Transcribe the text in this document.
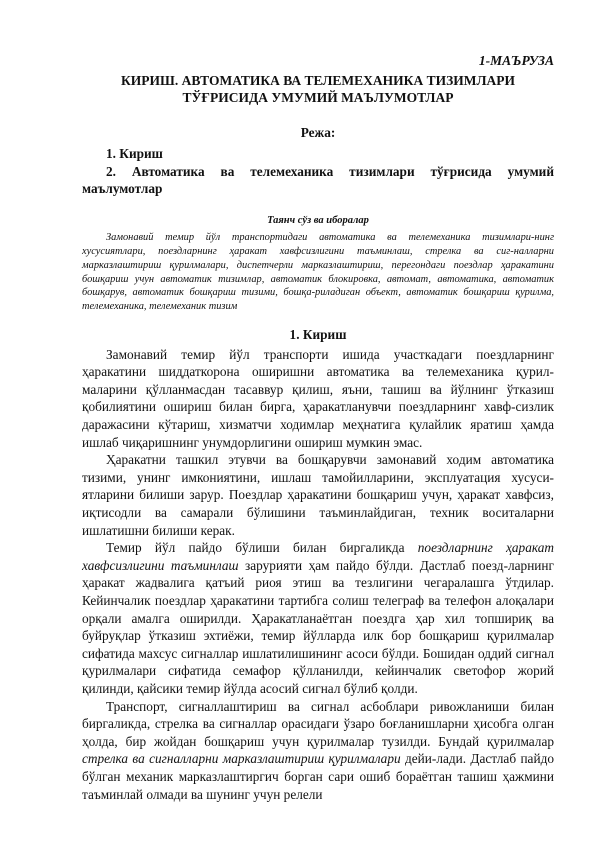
1-МАЪРУЗА

КИРИШ. АВТОМАТИКА ВА ТЕЛЕМЕХАНИКА ТИЗИМЛАРИ
ТЎҒРИСИДА УМУМИЙ МАЪЛУМОТЛАР

Режа:

1. Кириш

2. Автоматика ва телемеханика тизимлари тўғрисида умумий маълумотлар

Таянч сўз ва иборалар

Замонавий темир йўл транспортидаги автоматика ва телемеханика тизимлари-нинг хусусиятлари, поездларнинг ҳаракат хавфсизлигини таъминлаш, стрелка ва сиг-налларни марказлаштириш қурилмалари, диспетчерли марказлаштириш, перегондаги поездлар ҳаракатини бошқариш учун автоматик тизимлар, автоматик блокировка, автомат, автоматика, автоматик бошқарув, автоматик бошқариш тизими, бошқа-риладиган объект, автоматик бошқариш қурилма, телемеханика, телемеханик тизим

1. Кириш

Замонавий темир йўл транспорти ишида участкадаги поездларнинг ҳаракатини шиддаткорона оширишни автоматика ва телемеханика қурил-маларини қўлланмасдан тасаввур қилиш, яъни, ташиш ва йўлнинг ўтказиш қобилиятини ошириш билан бирга, ҳаракатланувчи поездларнинг хавф-сизлик даражасини кўтариш, хизматчи ходимлар меҳнатига қулайлик яратиш ҳамда ишлаб чиқаришнинг унумдорлигини ошириш мумкин эмас.

Ҳаракатни ташкил этувчи ва бошқарувчи замонавий ходим автоматика тизими, унинг имкониятини, ишлаш тамойилларини, эксплуатация хусуси-ятларини билиши зарур. Поездлар ҳаракатини бошқариш учун, ҳаракат хавфсиз, иқтисодли ва самарали бўлишини таъминлайдиган, техник воситаларни ишлатишни билиши керак.

Темир йўл пайдо бўлиши билан биргаликда поездларнинг ҳаракат хавфсизлигини таъминлаш зарурияти ҳам пайдо бўлди. Дастлаб поезд-ларнинг ҳаракат жадвалига қатъий риоя этиш ва тезлигини чегаралашга ўтдилар. Кейинчалик поездлар ҳаракатини тартибга солиш телеграф ва телефон алоқалари орқали амалга оширилди. Ҳаракатланаётган поездга ҳар хил топшириқ ва буйруқлар ўтказиш эхтиёжи, темир йўлларда илк бор бошқариш қурилмалар сифатида махсус сигналлар ишлатилишининг асоси бўлди. Бошидан оддий сигнал қурилмалари сифатида семафор қўлланилди, кейинчалик светофор жорий қилинди, қайсики темир йўлда асосий сигнал бўлиб қолди.

Транспорт, сигналлаштириш ва сигнал асбоблари ривожланиши билан биргаликда, стрелка ва сигналлар орасидаги ўзаро боғланишларни ҳисобга олган ҳолда, бир жойдан бошқариш учун қурилмалар тузилди. Бундай қурилмалар стрелка ва сигналларни марказлаштириш қурилмалари дейи-лади. Дастлаб пайдо бўлган механик марказлаштиргич борган сари ошиб бораётган ташиш ҳажмини таъминлай олмади ва шунинг учун релели
